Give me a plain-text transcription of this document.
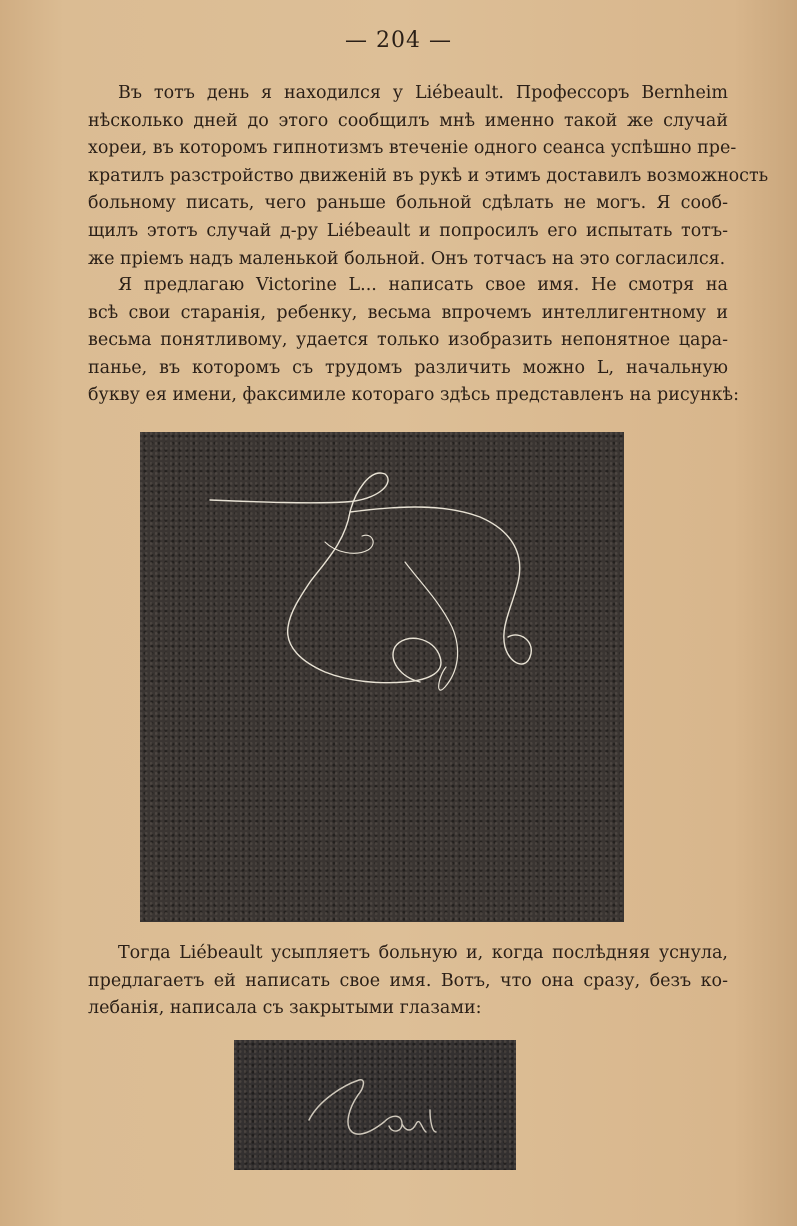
— 204 —

Въ тотъ день я находился у Liébeault. Профессоръ Bernheim
нѣсколько дней до этого сообщилъ мнѣ именно такой же случай
хореи, въ которомъ гипнотизмъ втеченіе одного сеанса успѣшно пре-
кратилъ разстройство движеній въ рукѣ и этимъ доставилъ возможность
больному писать, чего раньше больной сдѣлать не могъ. Я сооб-
щилъ этотъ случай д-ру Liébeault и попросилъ его испытать тотъ-
же пріемъ надъ маленькой больной. Онъ тотчасъ на это согласился.

Я предлагаю Victorine L... написать свое имя. Не смотря на
всѣ свои старанія, ребенку, весьма впрочемъ интеллигентному и
весьма понятливому, удается только изобразить непонятное цара-
панье, въ которомъ съ трудомъ различить можно L, начальную
букву ея имени, факсимиле котораго здѣсь представленъ на рисункѣ:

Тогда Liébeault усыпляетъ больную и, когда послѣдняя уснула,
предлагаетъ ей написать свое имя. Вотъ, что она сразу, безъ ко-
лебанія, написала съ закрытыми глазами:
